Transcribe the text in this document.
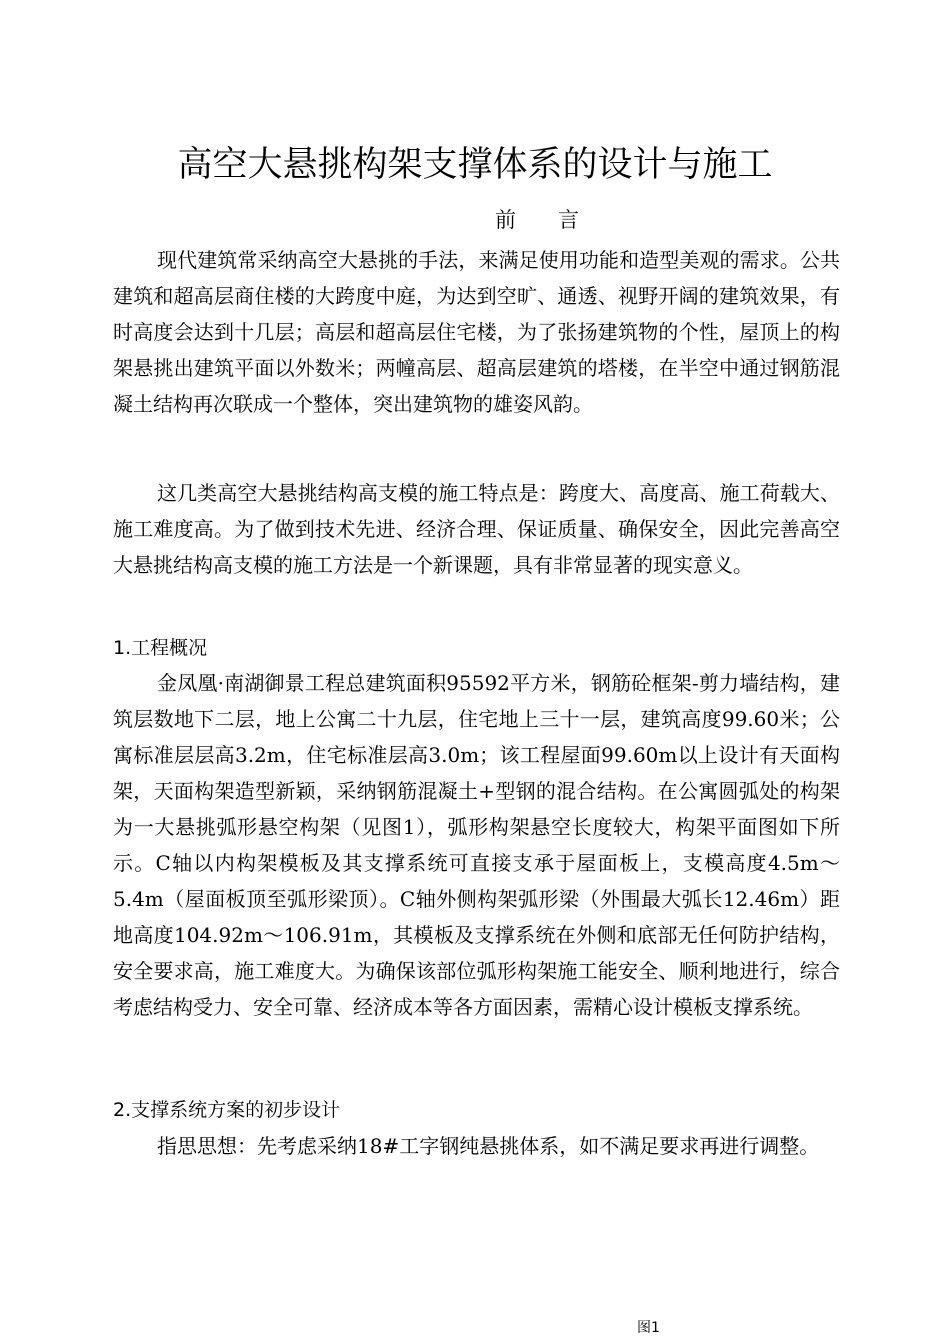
高空大悬挑构架支撑体系的设计与施工
前　　言
现代建筑常采纳高空大悬挑的手法，来满足使用功能和造型美观的需求。公共建筑和超高层商住楼的大跨度中庭，为达到空旷、通透、视野开阔的建筑效果，有时高度会达到十几层；高层和超高层住宅楼，为了张扬建筑物的个性，屋顶上的构架悬挑出建筑平面以外数米；两幢高层、超高层建筑的塔楼，在半空中通过钢筋混凝土结构再次联成一个整体，突出建筑物的雄姿风韵。
这几类高空大悬挑结构高支模的施工特点是：跨度大、高度高、施工荷载大、施工难度高。为了做到技术先进、经济合理、保证质量、确保安全，因此完善高空大悬挑结构高支模的施工方法是一个新课题，具有非常显著的现实意义。
1.工程概况
金凤凰·南湖御景工程总建筑面积95592平方米，钢筋砼框架-剪力墙结构，建筑层数地下二层，地上公寓二十九层，住宅地上三十一层，建筑高度99.60米；公寓标准层层高3.2m，住宅标准层高3.0m；该工程屋面99.60m以上设计有天面构架，天面构架造型新颖，采纳钢筋混凝土+型钢的混合结构。在公寓圆弧处的构架为一大悬挑弧形悬空构架（见图1），弧形构架悬空长度较大，构架平面图如下所示。C轴以内构架模板及其支撑系统可直接支承于屋面板上，支模高度4.5m～5.4m（屋面板顶至弧形梁顶）。C轴外侧构架弧形梁（外围最大弧长12.46m）距地高度104.92m～106.91m，其模板及支撑系统在外侧和底部无任何防护结构，安全要求高，施工难度大。为确保该部位弧形构架施工能安全、顺利地进行，综合考虑结构受力、安全可靠、经济成本等各方面因素，需精心设计模板支撑系统。
2.支撑系统方案的初步设计
指思思想：先考虑采纳18#工字钢纯悬挑体系，如不满足要求再进行调整。
图1
